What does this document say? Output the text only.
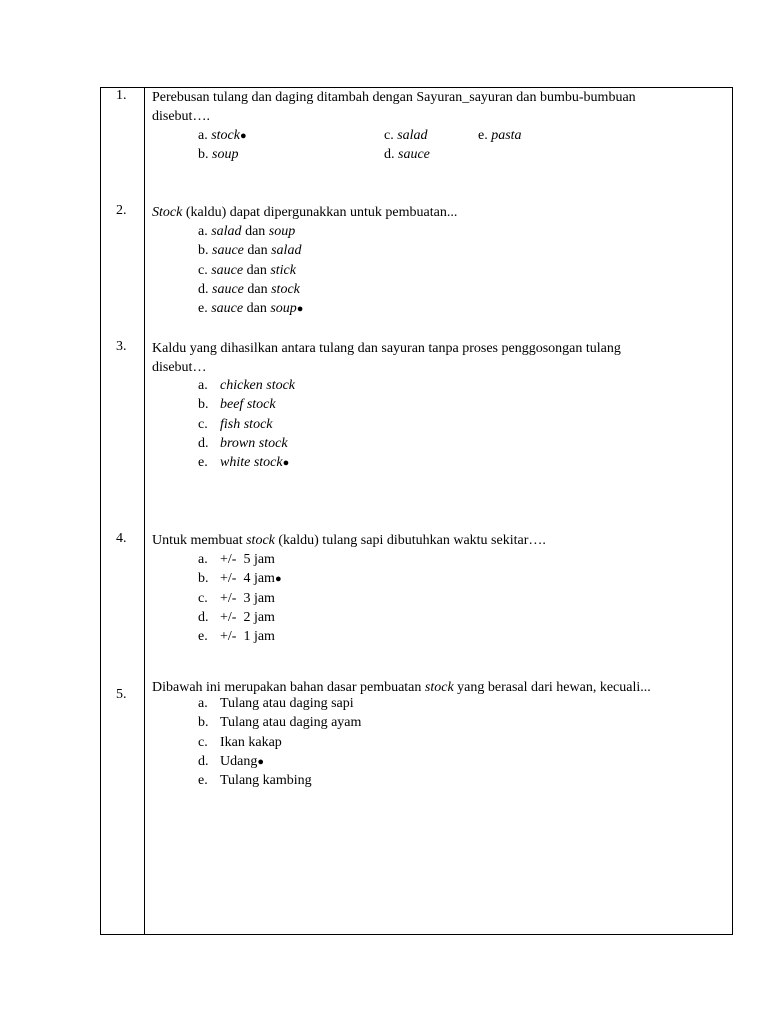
1.	Perebusan tulang dan daging ditambah dengan Sayuran_sayuran dan bumbu-bumbuan
disebut….
a. stock●
b. soup
c. salad
d. sauce
e. pasta
2.	Stock (kaldu) dapat dipergunakkan untuk pembuatan...
a. salad dan soup
b. sauce dan salad
c. sauce dan stick
d. sauce dan stock
e. sauce dan soup●
3.	Kaldu yang dihasilkan antara tulang dan sayuran tanpa proses penggosongan tulang
disebut…
a. chicken stock
b. beef stock
c. fish stock
d. brown stock
e. white stock●
4.	Untuk membuat stock (kaldu) tulang sapi dibutuhkan waktu sekitar….
a. +/-  5 jam
b. +/-  4 jam●
c. +/-  3 jam
d. +/-  2 jam
e. +/-  1 jam
5.	Dibawah ini merupakan bahan dasar pembuatan stock yang berasal dari hewan, kecuali...
a. Tulang atau daging sapi
b. Tulang atau daging ayam
c. Ikan kakap
d. Udang●
e. Tulang kambing
